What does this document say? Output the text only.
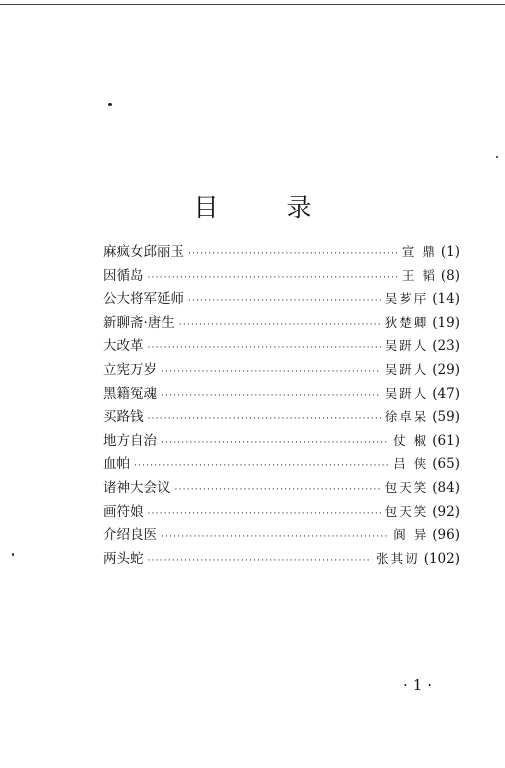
目 录
麻疯女邱丽玉 ·····	宣 鼎 (1)
因循岛 ·····	王 韬 (8)
公大将军延师 ·····	吴芗厈 (14)
新聊斋·唐生 ·····	狄楚卿 (19)
大改革 ·····	吴趼人 (23)
立宪万岁 ·····	吴趼人 (29)
黑籍冤魂 ·····	吴趼人 (47)
买路钱 ·····	徐卓呆 (59)
地方自治 ·····	仗 椒 (61)
血帕 ·····	吕 侠 (65)
诸神大会议 ·····	包天笑 (84)
画符娘 ·····	包天笑 (92)
介绍良医 ·····	阆 异 (96)
两头蛇 ·····	张其讱 (102)
·1·
